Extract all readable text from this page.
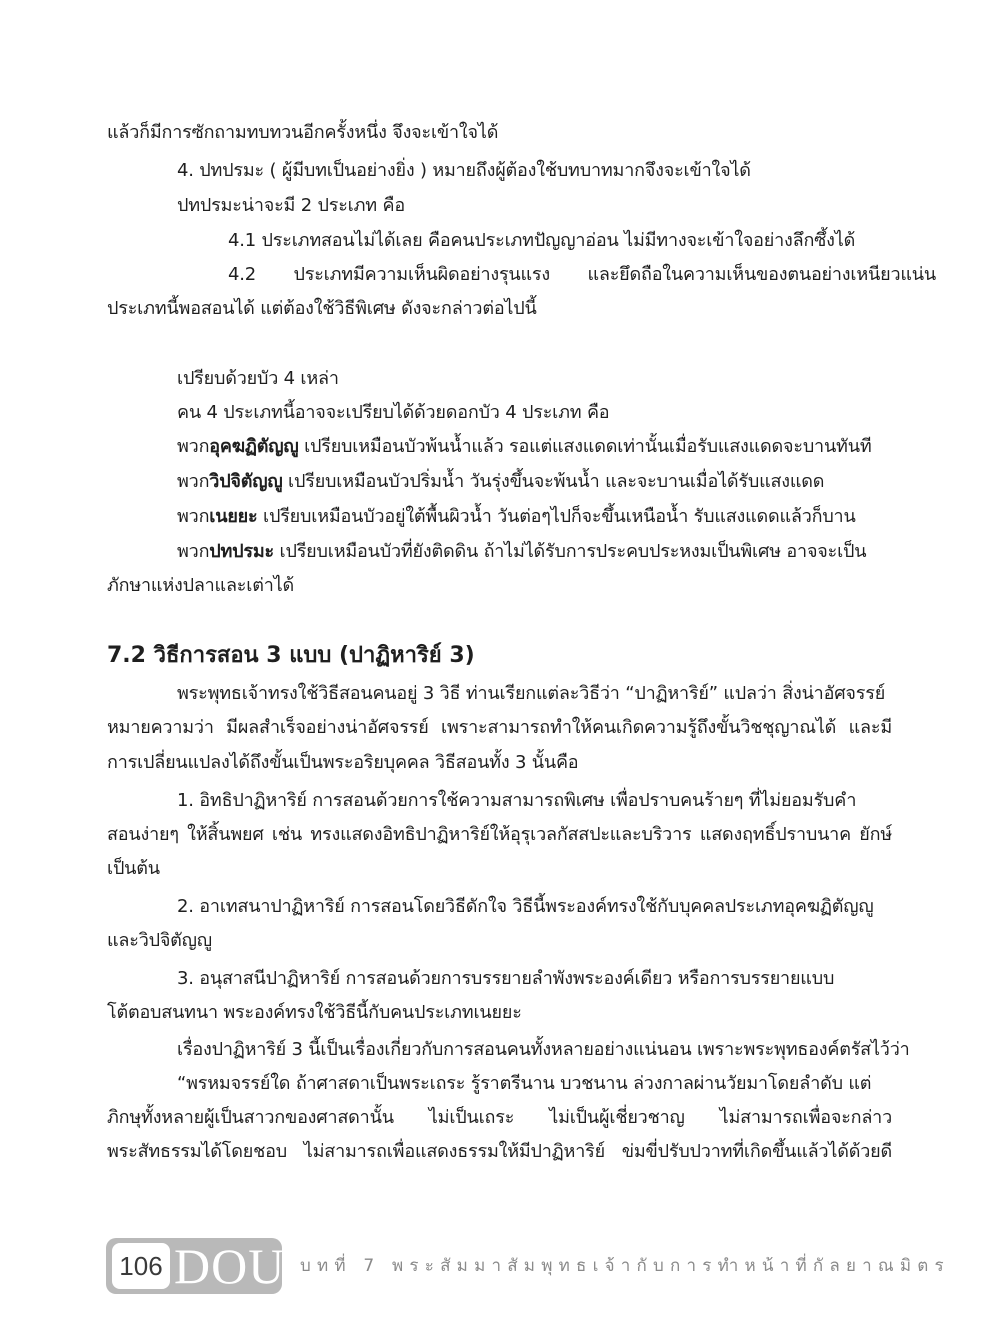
แล้วก็มีการซักถามทบทวนอีกครั้งหนึ่ง จึงจะเข้าใจได้
4. ปทปรมะ ( ผู้มีบทเป็นอย่างยิ่ง ) หมายถึงผู้ต้องใช้บทบาทมากจึงจะเข้าใจได้
ปทปรมะน่าจะมี 2 ประเภท คือ
4.1 ประเภทสอนไม่ได้เลย คือคนประเภทปัญญาอ่อน ไม่มีทางจะเข้าใจอย่างลึกซึ้งได้
4.2 ประเภทมีความเห็นผิดอย่างรุนแรง และยึดถือในความเห็นของตนอย่างเหนียวแน่น
ประเภทนี้พอสอนได้ แต่ต้องใช้วิธีพิเศษ ดังจะกล่าวต่อไปนี้
เปรียบด้วยบัว 4 เหล่า
คน 4 ประเภทนี้อาจจะเปรียบได้ด้วยดอกบัว 4 ประเภท คือ
พวกอุคฆฏิตัญญู เปรียบเหมือนบัวพ้นน้ำแล้ว รอแต่แสงแดดเท่านั้นเมื่อรับแสงแดดจะบานทันที
พวกวิปจิตัญญู เปรียบเหมือนบัวปริ่มน้ำ วันรุ่งขึ้นจะพ้นน้ำ และจะบานเมื่อได้รับแสงแดด
พวกเนยยะ เปรียบเหมือนบัวอยู่ใต้พื้นผิวน้ำ วันต่อๆไปก็จะขึ้นเหนือน้ำ รับแสงแดดแล้วก็บาน
พวกปทปรมะ เปรียบเหมือนบัวที่ยังติดดิน ถ้าไม่ได้รับการประคบประหงมเป็นพิเศษ อาจจะเป็น
ภักษาแห่งปลาและเต่าได้
7.2 วิธีการสอน 3 แบบ (ปาฏิหาริย์ 3)
พระพุทธเจ้าทรงใช้วิธีสอนคนอยู่ 3 วิธี ท่านเรียกแต่ละวิธีว่า “ปาฏิหาริย์” แปลว่า สิ่งน่าอัศจรรย์
หมายความว่า มีผลสำเร็จอย่างน่าอัศจรรย์ เพราะสามารถทำให้คนเกิดความรู้ถึงขั้นวิชชุญาณได้ และมี
การเปลี่ยนแปลงได้ถึงขั้นเป็นพระอริยบุคคล วิธีสอนทั้ง 3 นั้นคือ
1. อิทธิปาฏิหาริย์ การสอนด้วยการใช้ความสามารถพิเศษ เพื่อปราบคนร้ายๆ ที่ไม่ยอมรับคำ
สอนง่ายๆ ให้สิ้นพยศ เช่น ทรงแสดงอิทธิปาฏิหาริย์ให้อุรุเวลกัสสปะและบริวาร แสดงฤทธิ์ปราบนาค ยักษ์
เป็นต้น
2. อาเทสนาปาฏิหาริย์ การสอนโดยวิธีดักใจ วิธีนี้พระองค์ทรงใช้กับบุคคลประเภทอุคฆฏิตัญญู
และวิปจิตัญญู
3. อนุสาสนีปาฏิหาริย์ การสอนด้วยการบรรยายลำพังพระองค์เดียว หรือการบรรยายแบบ
โต้ตอบสนทนา พระองค์ทรงใช้วิธีนี้กับคนประเภทเนยยะ
เรื่องปาฏิหาริย์ 3 นี้เป็นเรื่องเกี่ยวกับการสอนคนทั้งหลายอย่างแน่นอน เพราะพระพุทธองค์ตรัสไว้ว่า
“พรหมจรรย์ใด ถ้าศาสดาเป็นพระเถระ รู้ราตรีนาน บวชนาน ล่วงกาลผ่านวัยมาโดยลำดับ แต่
ภิกษุทั้งหลายผู้เป็นสาวกของศาสดานั้น ไม่เป็นเถระ ไม่เป็นผู้เชี่ยวชาญ ไม่สามารถเพื่อจะกล่าว
พระสัทธรรมได้โดยชอบ ไม่สามารถเพื่อแสดงธรรมให้มีปาฏิหาริย์ ข่มขี่ปรับปวาทที่เกิดขึ้นแล้วได้ด้วยดี
106 DOU บทที่ 7 พระสัมมาสัมพุทธเจ้ากับการทำหน้าที่กัลยาณมิตร
